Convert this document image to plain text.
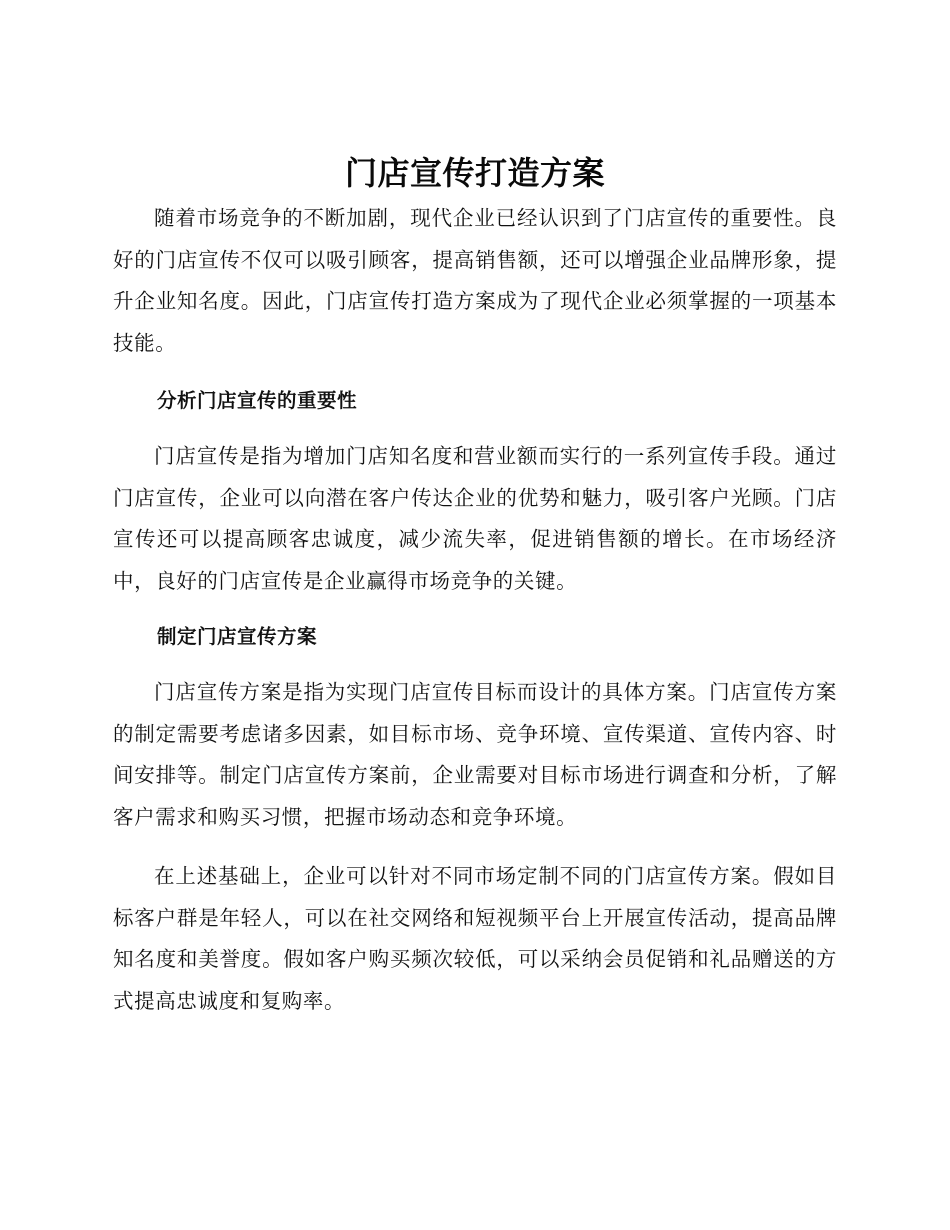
门店宣传打造方案

随着市场竞争的不断加剧，现代企业已经认识到了门店宣传的重要性。良好的门店宣传不仅可以吸引顾客，提高销售额，还可以增强企业品牌形象，提升企业知名度。因此，门店宣传打造方案成为了现代企业必须掌握的一项基本技能。

分析门店宣传的重要性

门店宣传是指为增加门店知名度和营业额而实行的一系列宣传手段。通过门店宣传，企业可以向潜在客户传达企业的优势和魅力，吸引客户光顾。门店宣传还可以提高顾客忠诚度，减少流失率，促进销售额的增长。在市场经济中，良好的门店宣传是企业赢得市场竞争的关键。

制定门店宣传方案

门店宣传方案是指为实现门店宣传目标而设计的具体方案。门店宣传方案的制定需要考虑诸多因素，如目标市场、竞争环境、宣传渠道、宣传内容、时间安排等。制定门店宣传方案前，企业需要对目标市场进行调查和分析，了解客户需求和购买习惯，把握市场动态和竞争环境。

在上述基础上，企业可以针对不同市场定制不同的门店宣传方案。假如目标客户群是年轻人，可以在社交网络和短视频平台上开展宣传活动，提高品牌知名度和美誉度。假如客户购买频次较低，可以采纳会员促销和礼品赠送的方式提高忠诚度和复购率。
